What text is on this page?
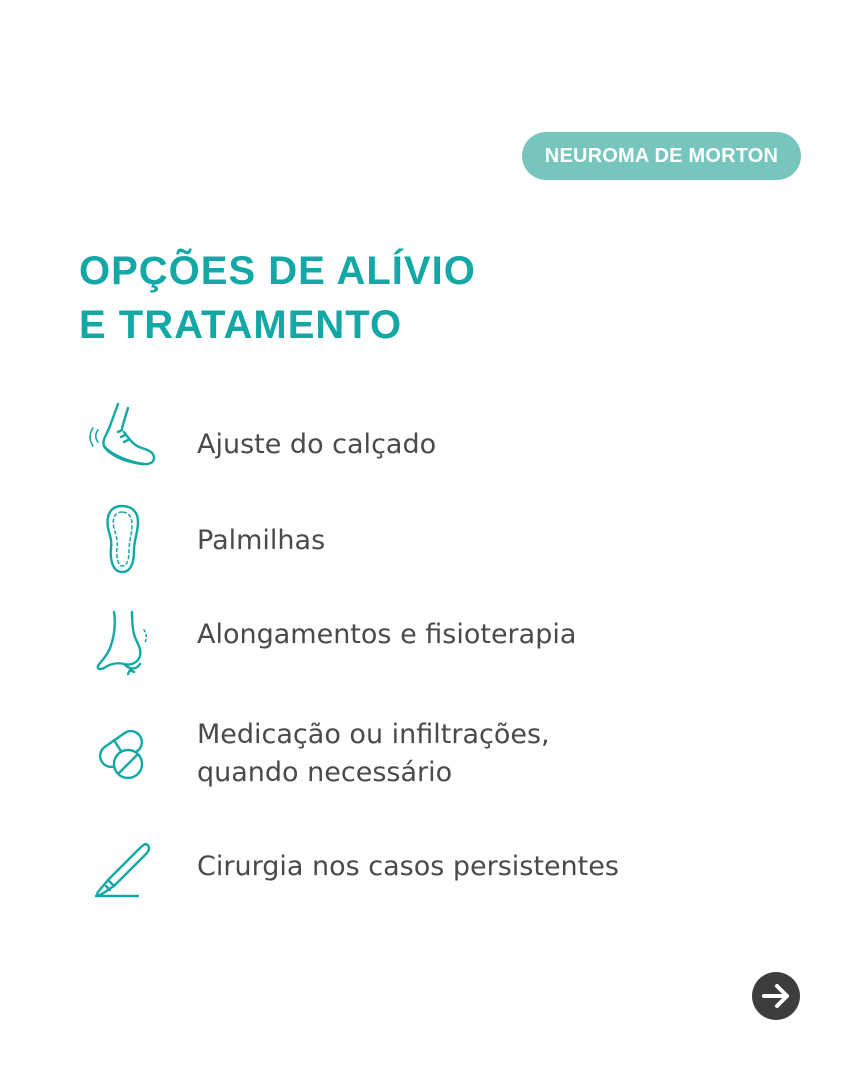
NEUROMA DE MORTON
OPÇÕES DE ALÍVIO
E TRATAMENTO
Ajuste do calçado
Palmilhas
Alongamentos e fisioterapia
Medicação ou infiltrações,
quando necessário
Cirurgia nos casos persistentes
